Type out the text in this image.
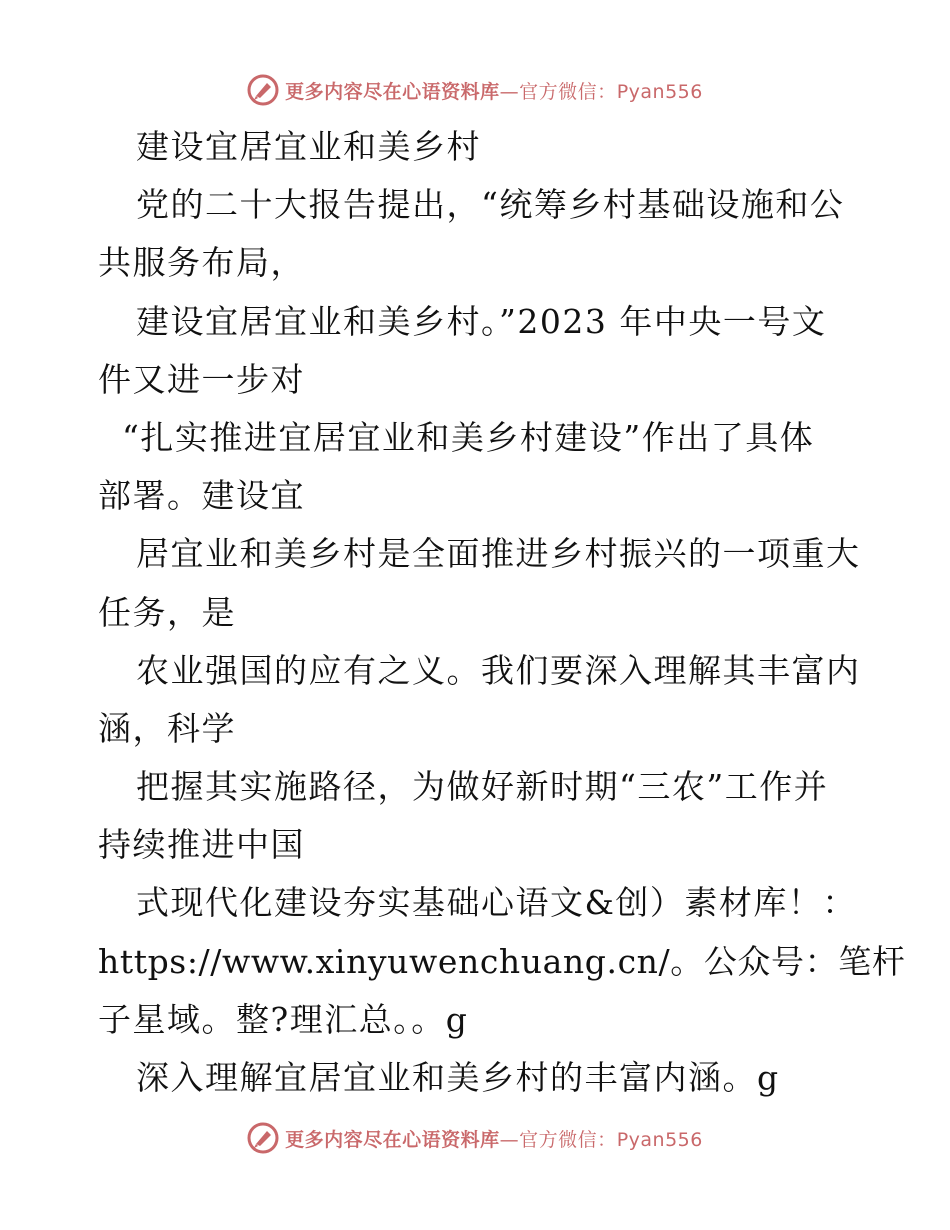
更多内容尽在心语资料库—官方微信：Pyan556
建设宜居宜业和美乡村
党的二十大报告提出，“统筹乡村基础设施和公
共服务布局，
建设宜居宜业和美乡村。”2023 年中央一号文
件又进一步对
“扎实推进宜居宜业和美乡村建设”作出了具体
部署。建设宜
居宜业和美乡村是全面推进乡村振兴的一项重大
任务，是
农业强国的应有之义。我们要深入理解其丰富内
涵，科学
把握其实施路径，为做好新时期“三农”工作并
持续推进中国
式现代化建设夯实基础心语文&创）素材库！：
https://www.xinyuwenchuang.cn/。公众号：笔杆
子星域。整?理汇总。。g
深入理解宜居宜业和美乡村的丰富内涵。g
更多内容尽在心语资料库—官方微信：Pyan556
